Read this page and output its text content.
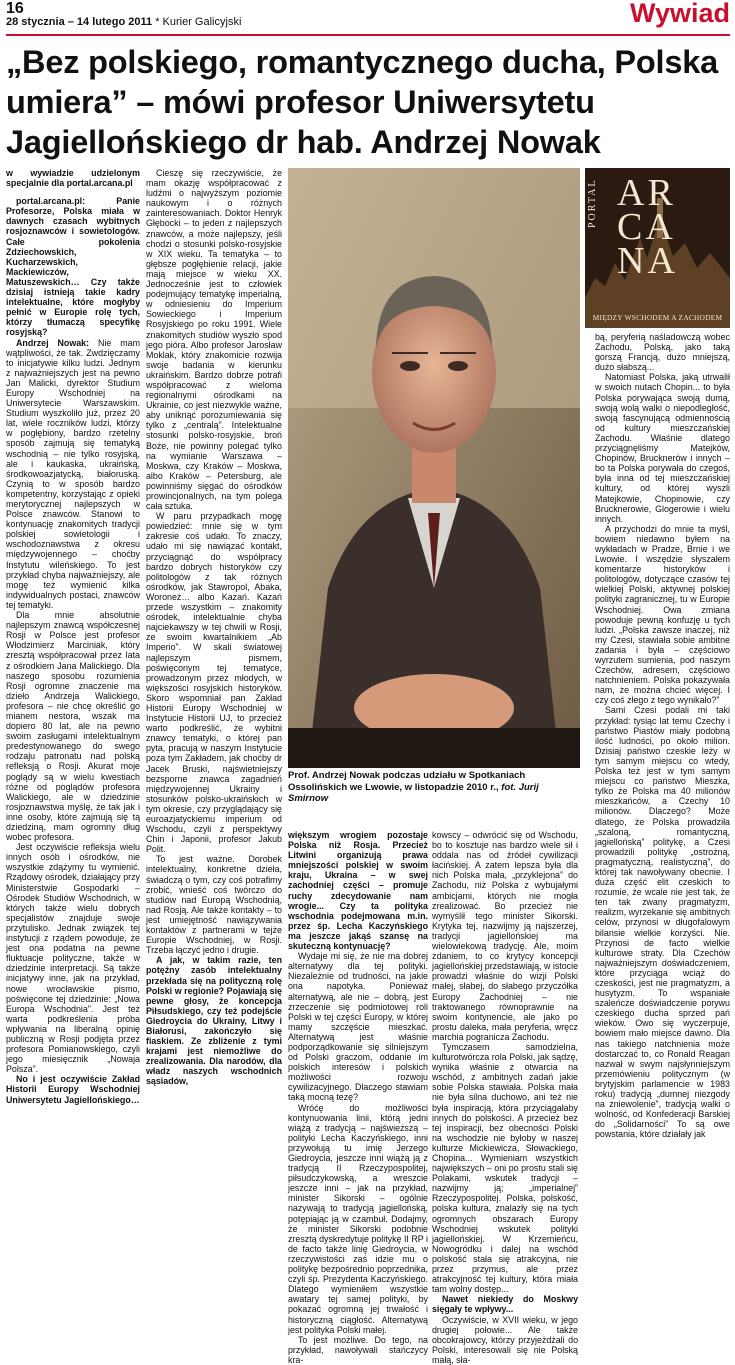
16
28 stycznia – 14 lutego 2011 * Kurier Galicyjski	Wywiad
„Bez polskiego, romantycznego ducha, Polska umiera” – mówi profesor Uniwersytetu Jagiellońskiego dr hab. Andrzej Nowak

w wywiadzie udzielonym specjalnie dla portal.arcana.pl

portal.arcana.pl: Panie Profesorze, Polska miała w dawnych czasach wybitnych rosjoznawców i sowietologów. Całe pokolenia Zdziechowskich, Kucharzewskich, Mackiewiczów, Matuszewskich… Czy także dzisiaj istnieją takie kadry intelektualne, które mogłyby pełnić w Europie rolę tych, którzy tłumaczą specyfikę rosyjską?

Andrzej Nowak: Nie mam wątpliwości, że tak. Zwdzięczamy to inicjatywie kilku ludzi. Jednym z najważniejszych jest na pewno Jan Malicki, dyrektor Studium Europy Wschodniej na Uniwersytecie Warszawskim. Studium wyszkoliło już, przez 20 lat, wiele roczników ludzi, którzy w pogłębiony, bardzo rzetelny sposób zajmują się tematyką wschodnią – nie tylko rosyjską, ale i kaukaska, ukraińską, środkowoazjatycką, białoruską. Czynią to w sposób bardzo kompetentny, korzystając z opieki merytorycznej najlepszych w Polsce znawców. Stanowi to kontynuację znakomitych tradycji polskiej sowietologii i wschodoznawstwa z okresu międzywojennego – choćby Instytutu wileńskiego. To jest przykład chyba najważniejszy, ale mogę też wymienić kilka indywidualnych postaci, znawców tej tematyki.

Dla mnie absolutnie najlepszym znawcą współczesnej Rosji w Polsce jest profesor Włodzimierz Marciniak, który zresztą współpracował przez lata z ośrodkiem Jana Malickiego. Dla naszego sposobu rozumienia Rosji ogromne znaczenie ma dzieło Andrzeja Walickiego, profesora – nie chcę określić go mianem nestora, wszak ma dopiero 80 lat, ale na pewno swoim zasługami intelektualnym predestynowanego do swego rodzaju patronatu nad polską refleksją o Rosji. Akurat moje poglądy są w wielu kwestiach różne od poglądów profesora Walickiego, ale w dziedzinie rosjoznawstwa myślę, że tak jak i inne osoby, które zajmują się tą dziedziną, mam ogromny dług wobec profesora.

Jest oczywiście refleksja wielu innych osób i ośrodków, nie wszystkie zdążymy tu wymienić. Rządowy ośrodek, działający przy Ministerstwie Gospodarki – Ośrodek Studiów Wschodnich, w których także wielu dobrych specjalistów znajduje swoje przytulisko. Jednak związek tej instytucji z rządem powoduje, że jest ona podatna na pewne fluktuacje polityczne, także w dziedzinie interpretacji. Są także inicjatywy inne, jak na przykład, nowe wrocławskie pismo, poświęcone tej dziedzinie: „Nowa Europa Wschodnia”. Jest też warta podkreślenia próba wpływania na liberalną opinię publiczną w Rosji podjęta przez profesora Pomianowskiego, czyli jego miesięcznik „Nowaja Polsza”.

No i jest oczywiście Zakład Historii Europy Wschodniej Uniwersytetu Jagiellońskiego…

Cieszę się rzeczywiście, że mam okazję współpracować z ludźmi o najwyższym poziomie naukowym i o różnych zainteresowaniach. Doktor Henryk Głębocki – to jeden z najlepszych znawców, a może najlepszy, jeśli chodzi o stosunki polsko-rosyjskie w XIX wieku. Ta tematyka – to głębsze pogłębienie relacji, jakie mają miejsce w wieku XX. Jednocześnie jest to człowiek podejmujący tematykę imperialną, w odniesieniu do Imperium Sowieckiego i Imperium Rosyjskiego po roku 1991. Wiele znakomitych studiów wyszło spod jego pióra. Albo profesor Jarosław Moklak, który znakomicie rozwija swoje badania w kierunku ukraińskim. Bardzo dobrze potrafi współpracować z wieloma regionalnymi ośrodkami na Ukrainie, co jest niezwykle ważne, aby uniknąć porozumiewania się tylko z „centralą”. Intelektualne stosunki polsko-rosyjskie, broń Boże, nie powinny polegać tylko na wymianie Warszawa – Moskwa, czy Kraków – Moskwa, albo Kraków – Petersburg, ale powinniśmy sięgać do ośrodków prowincjonalnych, na tym polega cała sztuka.

W paru przypadkach mogę powiedzieć: mnie się w tym zakresie coś udało. To znaczy, udało mi się nawiązać kontakt, przyciągnąć do współpracy bardzo dobrych historyków czy politologów z tak różnych ośrodków, jak Stawropol, Abaka, Woroneż… albo Kazań. Kazań przede wszystkim – znakomity ośrodek, intelektualnie chyba najciekawszy w tej chwili w Rosji, ze swoim kwartalnikiem „Ab Imperio”. W skali światowej najlepszym pismem, poświęconym tej tematyce, prowadzonym przez młodych, w większości rosyjskich historyków. Skoro wspomniał pan Zakład Historii Europy Wschodniej w Instytucie Historii UJ, to przecież warto podkreślić, że wybitni znawcy tematyki, o której pan pyta, pracują w naszym Instytucie poza tym Zakładem, jak choćby dr Jacek Bruski, najświetniejszy bezsporne znawca zagadnień międzywojennej Ukrainy i stosunków polsko-ukraińskich w tym okresie, czy przyglądający się euroazjatyckiemu imperium od Wschodu, czyli z perspektywy Chin i Japonii, profesor Jakub Polit.

To jest ważne. Dorobek intelektualny, konkretne dzieła, świadczą o tym, czy coś potrafimy zrobić, wnieść coś twórczo do studiów nad Europą Wschodnią, nad Rosją. Ale także kontakty – to jest umiejętność nawiązywania kontaktów z partnerami w tejże Europie Wschodniej, w Rosji. Trzeba łączyć jedno i drugie.

A jak, w takim razie, ten potężny zasób intelektualny przekłada się na polityczną rolę Polski w regionie? Pojawiają się pewne głosy, że koncepcja Piłsudskiego, czy też podejście Giedroycia do Ukrainy, Litwy i Białorusi, zakończyło się fiaskiem. Ze zbliżenie z tymi krajami jest niemożliwe do zrealizowania. Dla narodów, dla władz naszych wschodnich sąsiadów,

Prof. Andrzej Nowak podczas udziału w Spotkaniach Ossolińskich we Lwowie, w listopadzie 2010 r., fot. Jurij Smirnow
PORTAL AR
CA
NA
MIĘDZY WSCHODEM A ZACHODEM

większym wrogiem pozostaje Polska niż Rosja. Przecież Litwini organizują prawa mniejszości polskiej w swoim kraju, Ukraina – w swej zachodniej części – promuje ruchy zdecydowanie nam wrogie... Czy ta polityka wschodnia podejmowana m.in. przez śp. Lecha Kaczyńskiego ma jeszcze jakąś szansę na skuteczną kontynuację?

Wydaje mi się, że nie ma dobrej alternatywy dla tej polityki. Niezależnie od trudności, na jakie ona napotyka. Ponieważ alternatywą, ale nie – dobrą, jest zrzeczenie się podmiotowej roli Polski w tej części Europy, w której mamy szczęście mieszkać. Alternatywą jest właśnie podporządkowanie się silniejszym od Polski graczom, oddanie im polskich interesów i polskich możliwości rozwoju cywilizacyjnego. Dlaczego stawiam taką mocną tezę?

Wróćę do możliwości kontynuowania linii, którą jedni wiążą z tradycją – najświeższą – polityki Lecha Kaczyńskiego, inni przywołują tu imię Jerzego Giedroycia, jeszcze inni wiążą ją z tradycją II Rzeczypospolitej, piłsudczykowską, a wreszcie jeszcze inni – jak na przykład, minister Sikorski – ogólnie nazywają to tradycją jagiellońską, potępiając ją w czambuł. Dodajmy, że minister Sikorski podobnie zresztą dyskredytuje politykę II RP i de facto także linię Giedroycia, w rzeczywistości zaś idzie mu o politykę bezpośrednio poprzednika, czyli śp. Prezydenta Kaczyńskiego. Dlatego wymieniłem wszystkie awatary tej samej polityki, by pokazać ogromną jej trwałość i historyczną ciągłość. Alternatywą jest polityka Polski małej.

To jest możliwe. Do tego, na przykład, nawoływali stańczycy kra-

kowscy – odwrócić się od Wschodu, bo to kosztuje nas bardzo wiele sił i oddala nas od źródeł cywilizacji łacińskiej. A zatem lepsza była dla nich Polska mała, „przyklejona” do Zachodu, niż Polska z wybujałymi ambicjami, których nie mogła zrealizować. Bo przecież nie wymyślił tego minister Sikorski. Krytyka tej, nazwijmy ją najszerzej, tradycji jagiellońskiej ma wielowiekową tradycję. Ale, moim zdaniem, to co krytycy koncepcji jagiellońskiej przedstawiają, w istocie prowadzi właśnie do wizji Polski małej, słabej, do słabego przyczółka Europy Zachodniej – nie traktowanego równoprawnie na swoim kontynencie, ale jako po prostu daleka, mała peryferia, wręcz marchia pogranicza Zachodu.

Tymczasem samodzielna, kulturotwórcza rola Polski, jak sądzę, wynika właśnie z otwarcia na wschód, z ambitnych zadań jakie sobie Polska stawiała. Polska mała nie była silna duchowo, ani też nie była inspiracją, która przyciągałaby innych do polskości. A przecież bez tej inspiracji, bez obecności Polski na wschodzie nie byłoby w naszej kulturze Mickiewicza, Słowackiego, Chopina... Wymieniam wszystkich największych – oni po prostu stali się Polakami, wskutek tradycji – nazwijmy ją; „imperialnej” Rzeczypospolitej. Polska, polskość, polska kultura, znalazły się na tych ogromnych obszarach Europy Wschodniej wskutek polityki jagiellońskiej. W Krzemieńcu, Nowogródku i dalej na wschód polskość stała się atrakcyjna, nie przez przymus, ale przez atrakcyjność tej kultury, która miała tam wolny dostęp...

Nawet niekiedy do Moskwy sięgały te wpływy...

Oczywiście, w XVII wieku, w jego drugiej połowie... Ale także obcokrajowcy, którzy przyjeżdżali do Polski, interesowali się nie Polską małą, sła-

bą, peryferią naśladowczą wobec Zachodu, Polską, jako taką gorszą Francją, dużo mniejszą, dużo słabszą...

Natomiast Polska, jaką utrwalił w swoich nutach Chopin... to była Polska porywająca swoją dumą, swoją wolą walki o niepodległość, swoją fascynującą odmiennością od kultury mieszczańskiej Zachodu. Właśnie dlatego przyciągnęliśmy Matejków, Chopinów, Brucknerów i innych – bo ta Polska porywała do czegoś, była inna od tej mieszczańskiej kultury, od której wyszli Matejkowie, Chopinowie, czy Brucknerowie, Glogerowie i wielu innych.

A przychodzi do mnie ta myśl, bowiem niedawno byłem na wykładach w Pradze, Brnie i we Lwowie. I wszędzie słyszałem komentarze historyków i politologów, dotyczące czasów tej wielkiej Polski, aktywnej polskiej polityki zagranicznej, tu w Europie Wschodniej. Owa zmiana powoduje pewną konfuzję u tych ludzi. „Polska zawsze inaczej, niż my Czesi, stawiała sobie ambitne zadania i była – częściowo wyrzutem sumienia, pod naszym Czechów, adresem, częściowo natchnieniem. Polska pokazywała nam, że można chcieć więcej. I czy coś złego z tego wynikało?”

Sami Czesi podali mi taki przykład: tysiąc lat temu Czechy i państwo Piastów miały podobną ilość ludności, po około milion. Dzisiaj państwo czeskie leży w tym samym miejscu co wtedy, Polska też jest w tym samym miejscu co państwo Mieszka, tylko że Polska ma 40 milionów mieszkańców, a Czechy 10 milionów. Dlaczego? Może dlatego, że Polska prowadziła „szaloną, romantyczną, jagiellońską” politykę, a Czesi prowadzili politykę „ostrożną, pragmatyczną, realistyczną”, do której tak nawoływany obecnie. I duża część elit czeskich to rozumie, że wcale nie jest tak, że ten tak zwany pragmatyzm, realizm, wyrzekanie się ambitnych celów, przynosi w długofalowym bilansie wielkie korzyści. Nie. Przynosi de facto wielkie kulturowe straty. Dla Czechów najważniejszym doświadczeniem, które przyciąga wciąż do czeskości, jest nie pragmatyzm, a husytyzm. To wspaniałe szaleńcze doświadczenie porywu czeskiego ducha sprzed pań wieków. Owo się wyczerpuje, bowiem mało miejsce dawno. Dla nas takiego natchnienia może dostarczać to, co Ronald Reagan nazwał w swym najsłynniejszym przemówieniu politycznym (w brytyjskim parlamencie w 1983 roku) tradycją „dumnej niezgody na zniewolenie”, tradycją walki o wolność, od Konfederacji Barskiej do „Solidarności” To są owe powstania, które działały jak
